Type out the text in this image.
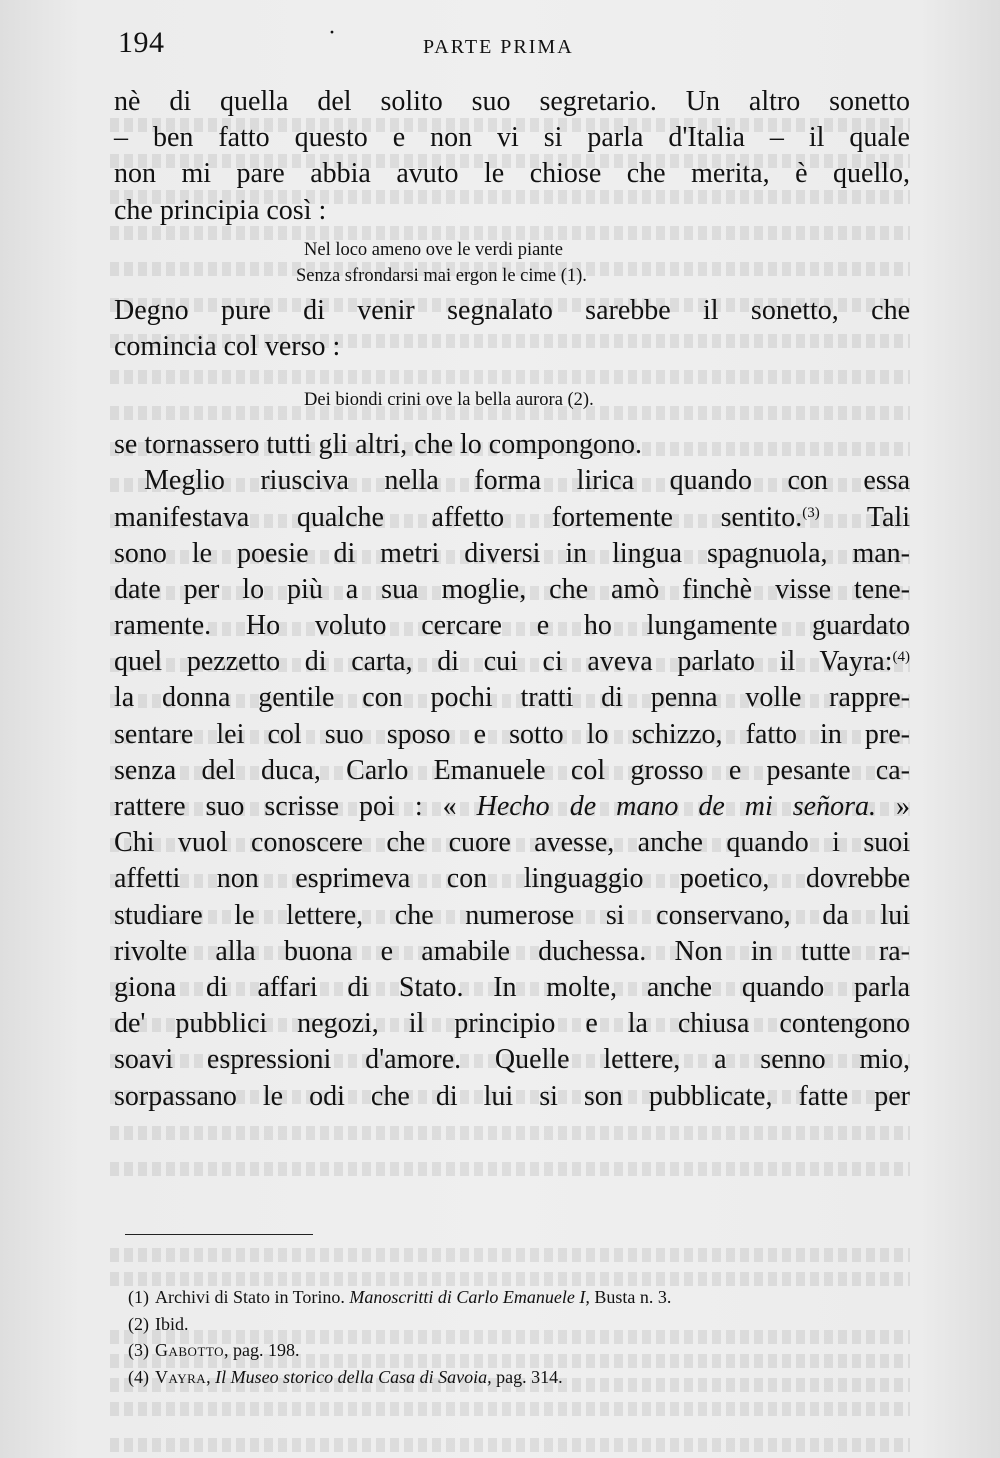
194	·
PARTE PRIMA
nè di quella del solito suo segretario. Un altro sonetto
– ben fatto questo e non vi si parla d'Italia – il quale
non mi pare abbia avuto le chiose che merita, è quello,
che principia così :
Nel loco ameno ove le verdi piante
Senza sfrondarsi mai ergon le cime (1).
Degno pure di venir segnalato sarebbe il sonetto, che
comincia col verso :
Dei biondi crini ove la bella aurora (2).
se tornassero tutti gli altri, che lo compongono.
Meglio riusciva nella forma lirica quando con essa
manifestava qualche affetto fortemente sentito.$^{(3)}$ Tali
sono le poesie di metri diversi in lingua spagnuola, man-
date per lo più a sua moglie, che amò finchè visse tene-
ramente. Ho voluto cercare e ho lungamente guardato
quel pezzetto di carta, di cui ci aveva parlato il Vayra:$^{(4)}$
la donna gentile con pochi tratti di penna volle rappre-
sentare lei col suo sposo e sotto lo schizzo, fatto in pre-
senza del duca, Carlo Emanuele col grosso e pesante ca-
rattere suo scrisse poi : « Hecho de mano de mi señora. »
Chi vuol conoscere che cuore avesse, anche quando i suoi
affetti non esprimeva con linguaggio poetico, dovrebbe
studiare le lettere, che numerose si conservano, da lui
rivolte alla buona e amabile duchessa. Non in tutte ra-
giona di affari di Stato. In molte, anche quando parla
de' pubblici negozi, il principio e la chiusa contengono
soavi espressioni d'amore. Quelle lettere, a senno mio,
sorpassano le odi che di lui si son pubblicate, fatte per
(1) Archivi di Stato in Torino. Manoscritti di Carlo Emanuele I, Busta n. 3.
(2) Ibid.
(3) Gabotto, pag. 198.
(4) Vayra, Il Museo storico della Casa di Savoia, pag. 314.
